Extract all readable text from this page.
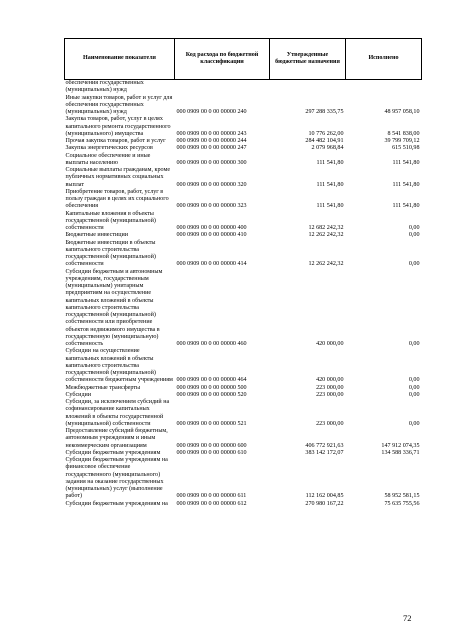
Наименование показателя	Код расхода по бюджетной классификации	Утвержденные бюджетные назначения	Исполнено
обеспечения государственных (муниципальных) нужд			
Иные закупки товаров, работ и услуг для обеспечения государственных (муниципальных) нужд	000 0909 00 0 00 00000 240	297 288 335,75	48 957 058,10
Закупка товаров, работ, услуг в целях капитального ремонта государственного (муниципального) имущества	000 0909 00 0 00 00000 243	10 776 262,00	8 541 838,00
Прочая закупка товаров, работ и услуг	000 0909 00 0 00 00000 244	284 482 104,91	39 799 709,12
Закупка энергетических ресурсов	000 0909 00 0 00 00000 247	2 079 968,84	615 510,98
Социальное обеспечение и иные выплаты населению	000 0909 00 0 00 00000 300	111 541,80	111 541,80
Социальные выплаты гражданам, кроме публичных нормативных социальных выплат	000 0909 00 0 00 00000 320	111 541,80	111 541,80
Приобретение товаров, работ, услуг в пользу граждан в целях их социального обеспечения	000 0909 00 0 00 00000 323	111 541,80	111 541,80
Капитальные вложения в объекты государственной (муниципальной) собственности	000 0909 00 0 00 00000 400	12 682 242,32	0,00
Бюджетные инвестиции	000 0909 00 0 00 00000 410	12 262 242,32	0,00
Бюджетные инвестиции в объекты капитального строительства государственной (муниципальной) собственности	000 0909 00 0 00 00000 414	12 262 242,32	0,00
Субсидии бюджетным и автономным учреждениям, государственным (муниципальным) унитарным предприятиям на осуществление капитальных вложений в объекты капитального строительства государственной (муниципальной) собственности или приобретение объектов недвижимого имущества в государственную (муниципальную) собственность	000 0909 00 0 00 00000 460	420 000,00	0,00
Субсидии на осуществление капитальных вложений в объекты капитального строительства государственной (муниципальной) собственности бюджетным учреждениям	000 0909 00 0 00 00000 464	420 000,00	0,00
Межбюджетные трансферты	000 0909 00 0 00 00000 500	223 000,00	0,00
Субсидии	000 0909 00 0 00 00000 520	223 000,00	0,00
Субсидии, за исключением субсидий на софинансирование капитальных вложений в объекты государственной (муниципальной) собственности	000 0909 00 0 00 00000 521	223 000,00	0,00
Предоставление субсидий бюджетным, автономным учреждениям и иным некоммерческим организациям	000 0909 00 0 00 00000 600	406 772 921,63	147 912 074,35
Субсидии бюджетным учреждениям	000 0909 00 0 00 00000 610	383 142 172,07	134 588 336,71
Субсидии бюджетным учреждениям на финансовое обеспечение государственного (муниципального) задания на оказание государственных (муниципальных) услуг (выполнение работ)	000 0909 00 0 00 00000 611	112 162 004,85	58 952 581,15
Субсидии бюджетным учреждениям на	000 0909 00 0 00 00000 612	270 980 167,22	75 635 755,56
72
